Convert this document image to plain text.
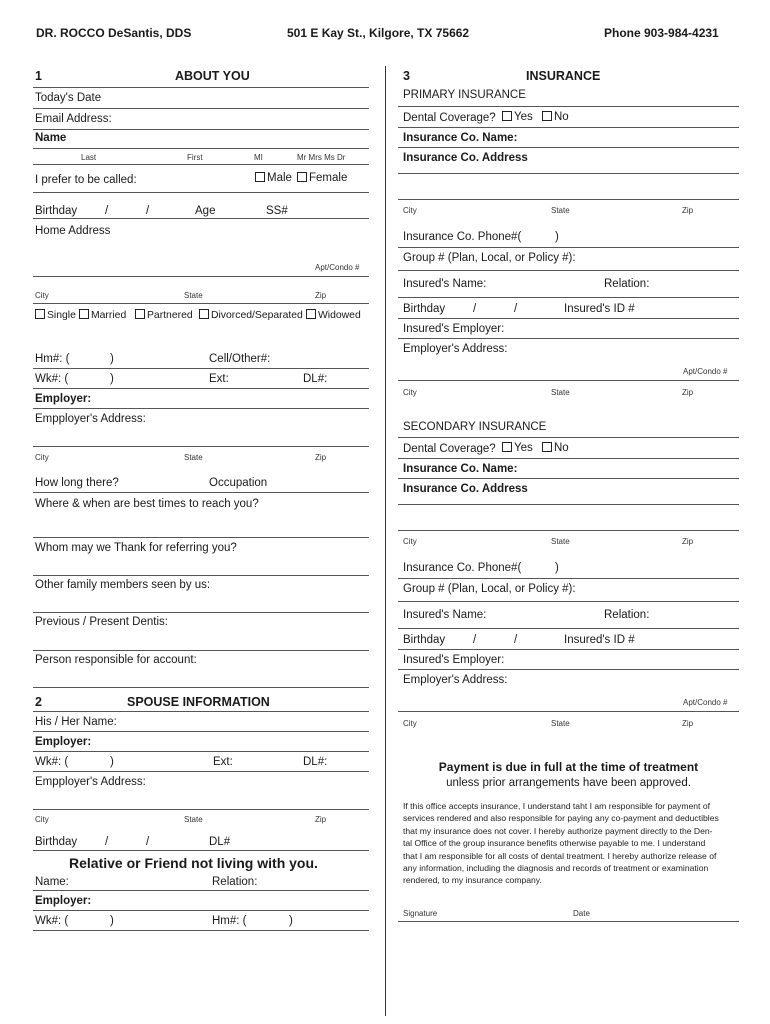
DR. ROCCO DeSantis, DDS	501 E Kay St., Kilgore, TX 75662	Phone 903-984-4231
1	ABOUT YOU
Today's Date
Email Address:
Name
Last	First	MI	Mr Mrs Ms Dr
I prefer to be called:	Male	Female
Birthday /	/	Age	SS#
Home Address
Apt/Condo #
City	State	Zip
Single	Married	Partnered	Divorced/Separated	Widowed
Hm#: (	)	Cell/Other#:
Wk#: (	)	Ext:	DL#:
Employer:
Empployer's Address:
City	State	Zip
How long there?	Occupation
Where & when are best times to reach you?
Whom may we Thank for referring you?
Other family members seen by us:
Previous / Present Dentis:
Person responsible for account:
2	SPOUSE INFORMATION
His / Her Name:
Employer:
Wk#: (	)	Ext:	DL#:
Empployer's Address:
City	State	Zip
Birthday /	/	DL#
Relative or Friend not living with you.
Name:	Relation:
Employer:
Wk#: (	)	Hm#: (	)
3	INSURANCE
PRIMARY INSURANCE
Dental Coverage?	Yes	No
Insurance Co. Name:
Insurance Co. Address
City	State	Zip
Insurance Co. Phone#(	)
Group # (Plan, Local, or Policy #):
Insured's Name:	Relation:
Birthday /	/	Insured's ID #
Insured's Employer:
Employer's Address:
Apt/Condo #
City	State	Zip
SECONDARY INSURANCE
Dental Coverage?	Yes	No
Insurance Co. Name:
Insurance Co. Address
City	State	Zip
Insurance Co. Phone#(	)
Group # (Plan, Local, or Policy #):
Insured's Name:	Relation:
Birthday /	/	Insured's ID #
Insured's Employer:
Employer's Address:
Apt/Condo #
City	State	Zip
Payment is due in full at the time of treatment
unless prior arrangements have been approved.
If this office accepts insurance, I understand taht I am responsible for payment of
services rendered and also responsible for paying any co-payment and deductibles
that my insurance does not cover. I hereby authorize payment directly to the Den-
tal Office of the group insurance benefits otherwise payable to me. I understand
that I am responsible for all costs of dental treatment. I hereby authorize release of
any information, including the diagnosis and records of treatment or examination
rendered, to my insurance company.
Signature	Date
